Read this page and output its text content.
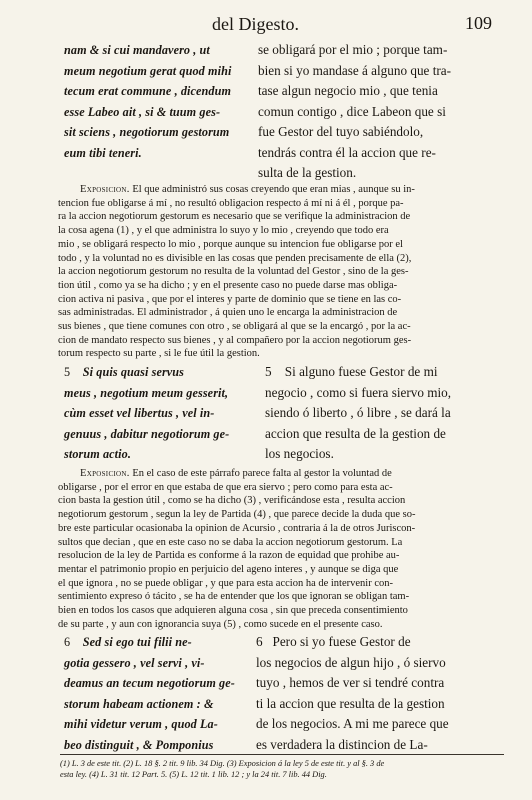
del Digesto.	109
nam & si cui mandavero , ut
meum negotium gerat quod mihi
tecum erat commune , dicendum
esse Labeo ait , si & tuum ges-
sit sciens , negotiorum gestorum
eum tibi teneri.
se obligará por el mio ; porque tam-
bien si yo mandase á alguno que tra-
tase algun negocio mio , que tenia
comun contigo , dice Labeon que si
fue Gestor del tuyo sabiéndolo,
tendrás contra él la accion que re-
sulta de la gestion.
Exposicion. El que administró sus cosas creyendo que eran mias , aunque su in-
tencion fue obligarse á mí , no resultó obligacion respecto á mí ni á él , porque pa-
ra la accion negotiorum gestorum es necesario que se verifique la administracion de
la cosa agena (1) , y el que administra lo suyo y lo mio , creyendo que todo era
mio , se obligará respecto lo mio , porque aunque su intencion fue obligarse por el
todo , y la voluntad no es divisible en las cosas que penden precisamente de ella (2),
la accion negotiorum gestorum no resulta de la voluntad del Gestor , sino de la ges-
tion útil , como ya se ha dicho ; y en el presente caso no puede darse mas obliga-
cion activa ni pasiva , que por el interes y parte de dominio que se tiene en las co-
sas administradas. El administrador , á quien uno le encarga la administracion de
sus bienes , que tiene comunes con otro , se obligará al que se la encargó , por la ac-
cion de mandato respecto sus bienes , y al compañero por la accion negotiorum ges-
torum respecto su parte , si le fue útil la gestion.
5 Si quis quasi servus
meus , negotium meum gesserit,
cùm esset vel libertus , vel in-
genuus , dabitur negotiorum ge-
storum actio.
5 Si alguno fuese Gestor de mi
negocio , como si fuera siervo mio,
siendo ó liberto , ó libre , se dará la
accion que resulta de la gestion de
los negocios.
Exposicion. En el caso de este párrafo parece falta al gestor la voluntad de
obligarse , por el error en que estaba de que era siervo ; pero como para esta ac-
cion basta la gestion útil , como se ha dicho (3) , verificándose esta , resulta accion
negotiorum gestorum , segun la ley de Partida (4) , que parece decide la duda que so-
bre este particular ocasionaba la opinion de Acursio , contraria á la de otros Juriscon-
sultos que decian , que en este caso no se daba la accion negotiorum gestorum. La
resolucion de la ley de Partida es conforme á la razon de equidad que prohibe au-
mentar el patrimonio propio en perjuicio del ageno interes , y aunque se diga que
el que ignora , no se puede obligar , y que para esta accion ha de intervenir con-
sentimiento expreso ó tácito , se ha de entender que los que ignoran se obligan tam-
bien en todos los casos que adquieren alguna cosa , sin que preceda consentimiento
de su parte , y aun con ignorancia suya (5) , como sucede en el presente caso.
6 Sed si ego tui filii ne-
gotia gessero , vel servi , vi-
deamus an tecum negotiorum ge-
storum habeam actionem : &
mihi videtur verum , quod La-
beo distinguit , & Pomponius
6 Pero si yo fuese Gestor de
los negocios de algun hijo , ó siervo
tuyo , hemos de ver si tendré contra
ti la accion que resulta de la gestion
de los negocios. A mi me parece que
es verdadera la distincion de La-
(1) L. 3 de este tit. (2) L. 18 §. 2 tit. 9 lib. 34 Dig. (3) Exposicion á la ley 5 de este tit. y al §. 3 de
esta ley. (4) L. 31 tit. 12 Part. 5. (5) L. 12 tit. 1 lib. 12 ; y la 24 tit. 7 lib. 44 Dig.
